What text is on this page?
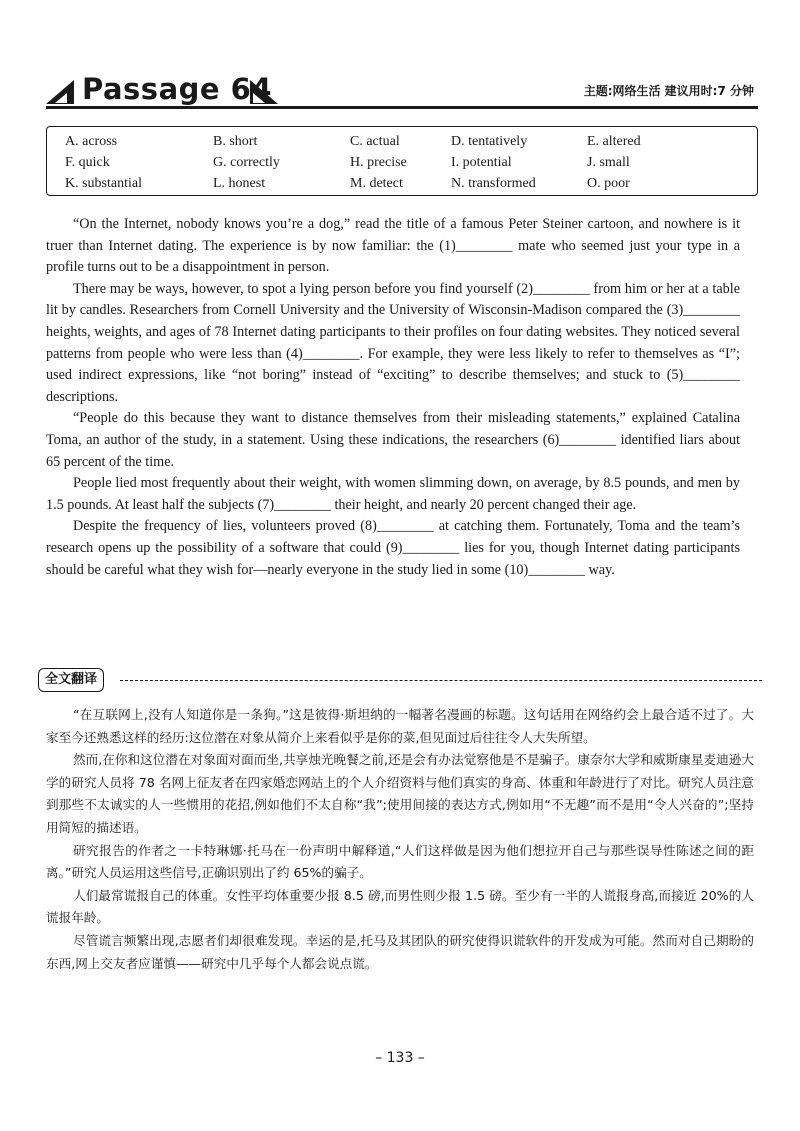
Passage 64	主题:网络生活 建议用时:7 分钟
A. across	B. short	C. actual	D. tentatively	E. altered
F. quick	G. correctly	H. precise	I. potential	J. small
K. substantial	L. honest	M. detect	N. transformed	O. poor

“On the Internet, nobody knows you’re a dog,” read the title of a famous Peter Steiner cartoon, and nowhere is it truer than Internet dating. The experience is by now familiar: the (1)________ mate who seemed just your type in a profile turns out to be a disappointment in person.

There may be ways, however, to spot a lying person before you find yourself (2)________ from him or her at a table lit by candles. Researchers from Cornell University and the University of Wisconsin-Madison compared the (3)________ heights, weights, and ages of 78 Internet dating participants to their profiles on four dating websites. They noticed several patterns from people who were less than (4)________. For example, they were less likely to refer to themselves as “I”; used indirect expressions, like “not boring” instead of “exciting” to describe themselves; and stuck to (5)________ descriptions.

“People do this because they want to distance themselves from their misleading statements,” explained Catalina Toma, an author of the study, in a statement. Using these indications, the researchers (6)________ identified liars about 65 percent of the time.

People lied most frequently about their weight, with women slimming down, on average, by 8.5 pounds, and men by 1.5 pounds. At least half the subjects (7)________ their height, and nearly 20 percent changed their age.

Despite the frequency of lies, volunteers proved (8)________ at catching them. Fortunately, Toma and the team’s research opens up the possibility of a software that could (9)________ lies for you, though Internet dating participants should be careful what they wish for—nearly everyone in the study lied in some (10)________ way.

全文翻译

“在互联网上,没有人知道你是一条狗。”这是彼得·斯坦纳的一幅著名漫画的标题。这句话用在网络约会上最合适不过了。大家至今还熟悉这样的经历:这位潜在对象从简介上来看似乎是你的菜,但见面过后往往令人大失所望。

然而,在你和这位潜在对象面对面而坐,共享烛光晚餐之前,还是会有办法觉察他是不是骗子。康奈尔大学和威斯康星麦迪逊大学的研究人员将 78 名网上征友者在四家婚恋网站上的个人介绍资料与他们真实的身高、体重和年龄进行了对比。研究人员注意到那些不太诚实的人一些惯用的花招,例如他们不太自称“我”;使用间接的表达方式,例如用“不无趣”而不是用“令人兴奋的”;坚持用简短的描述语。

研究报告的作者之一卡特琳娜·托马在一份声明中解释道,“人们这样做是因为他们想拉开自己与那些误导性陈述之间的距离。”研究人员运用这些信号,正确识别出了约 65%的骗子。

人们最常谎报自己的体重。女性平均体重要少报 8.5 磅,而男性则少报 1.5 磅。至少有一半的人谎报身高,而接近 20%的人谎报年龄。

尽管谎言频繁出现,志愿者们却很难发现。幸运的是,托马及其团队的研究使得识谎软件的开发成为可能。然而对自己期盼的东西,网上交友者应谨慎——研究中几乎每个人都会说点谎。

– 133 –
